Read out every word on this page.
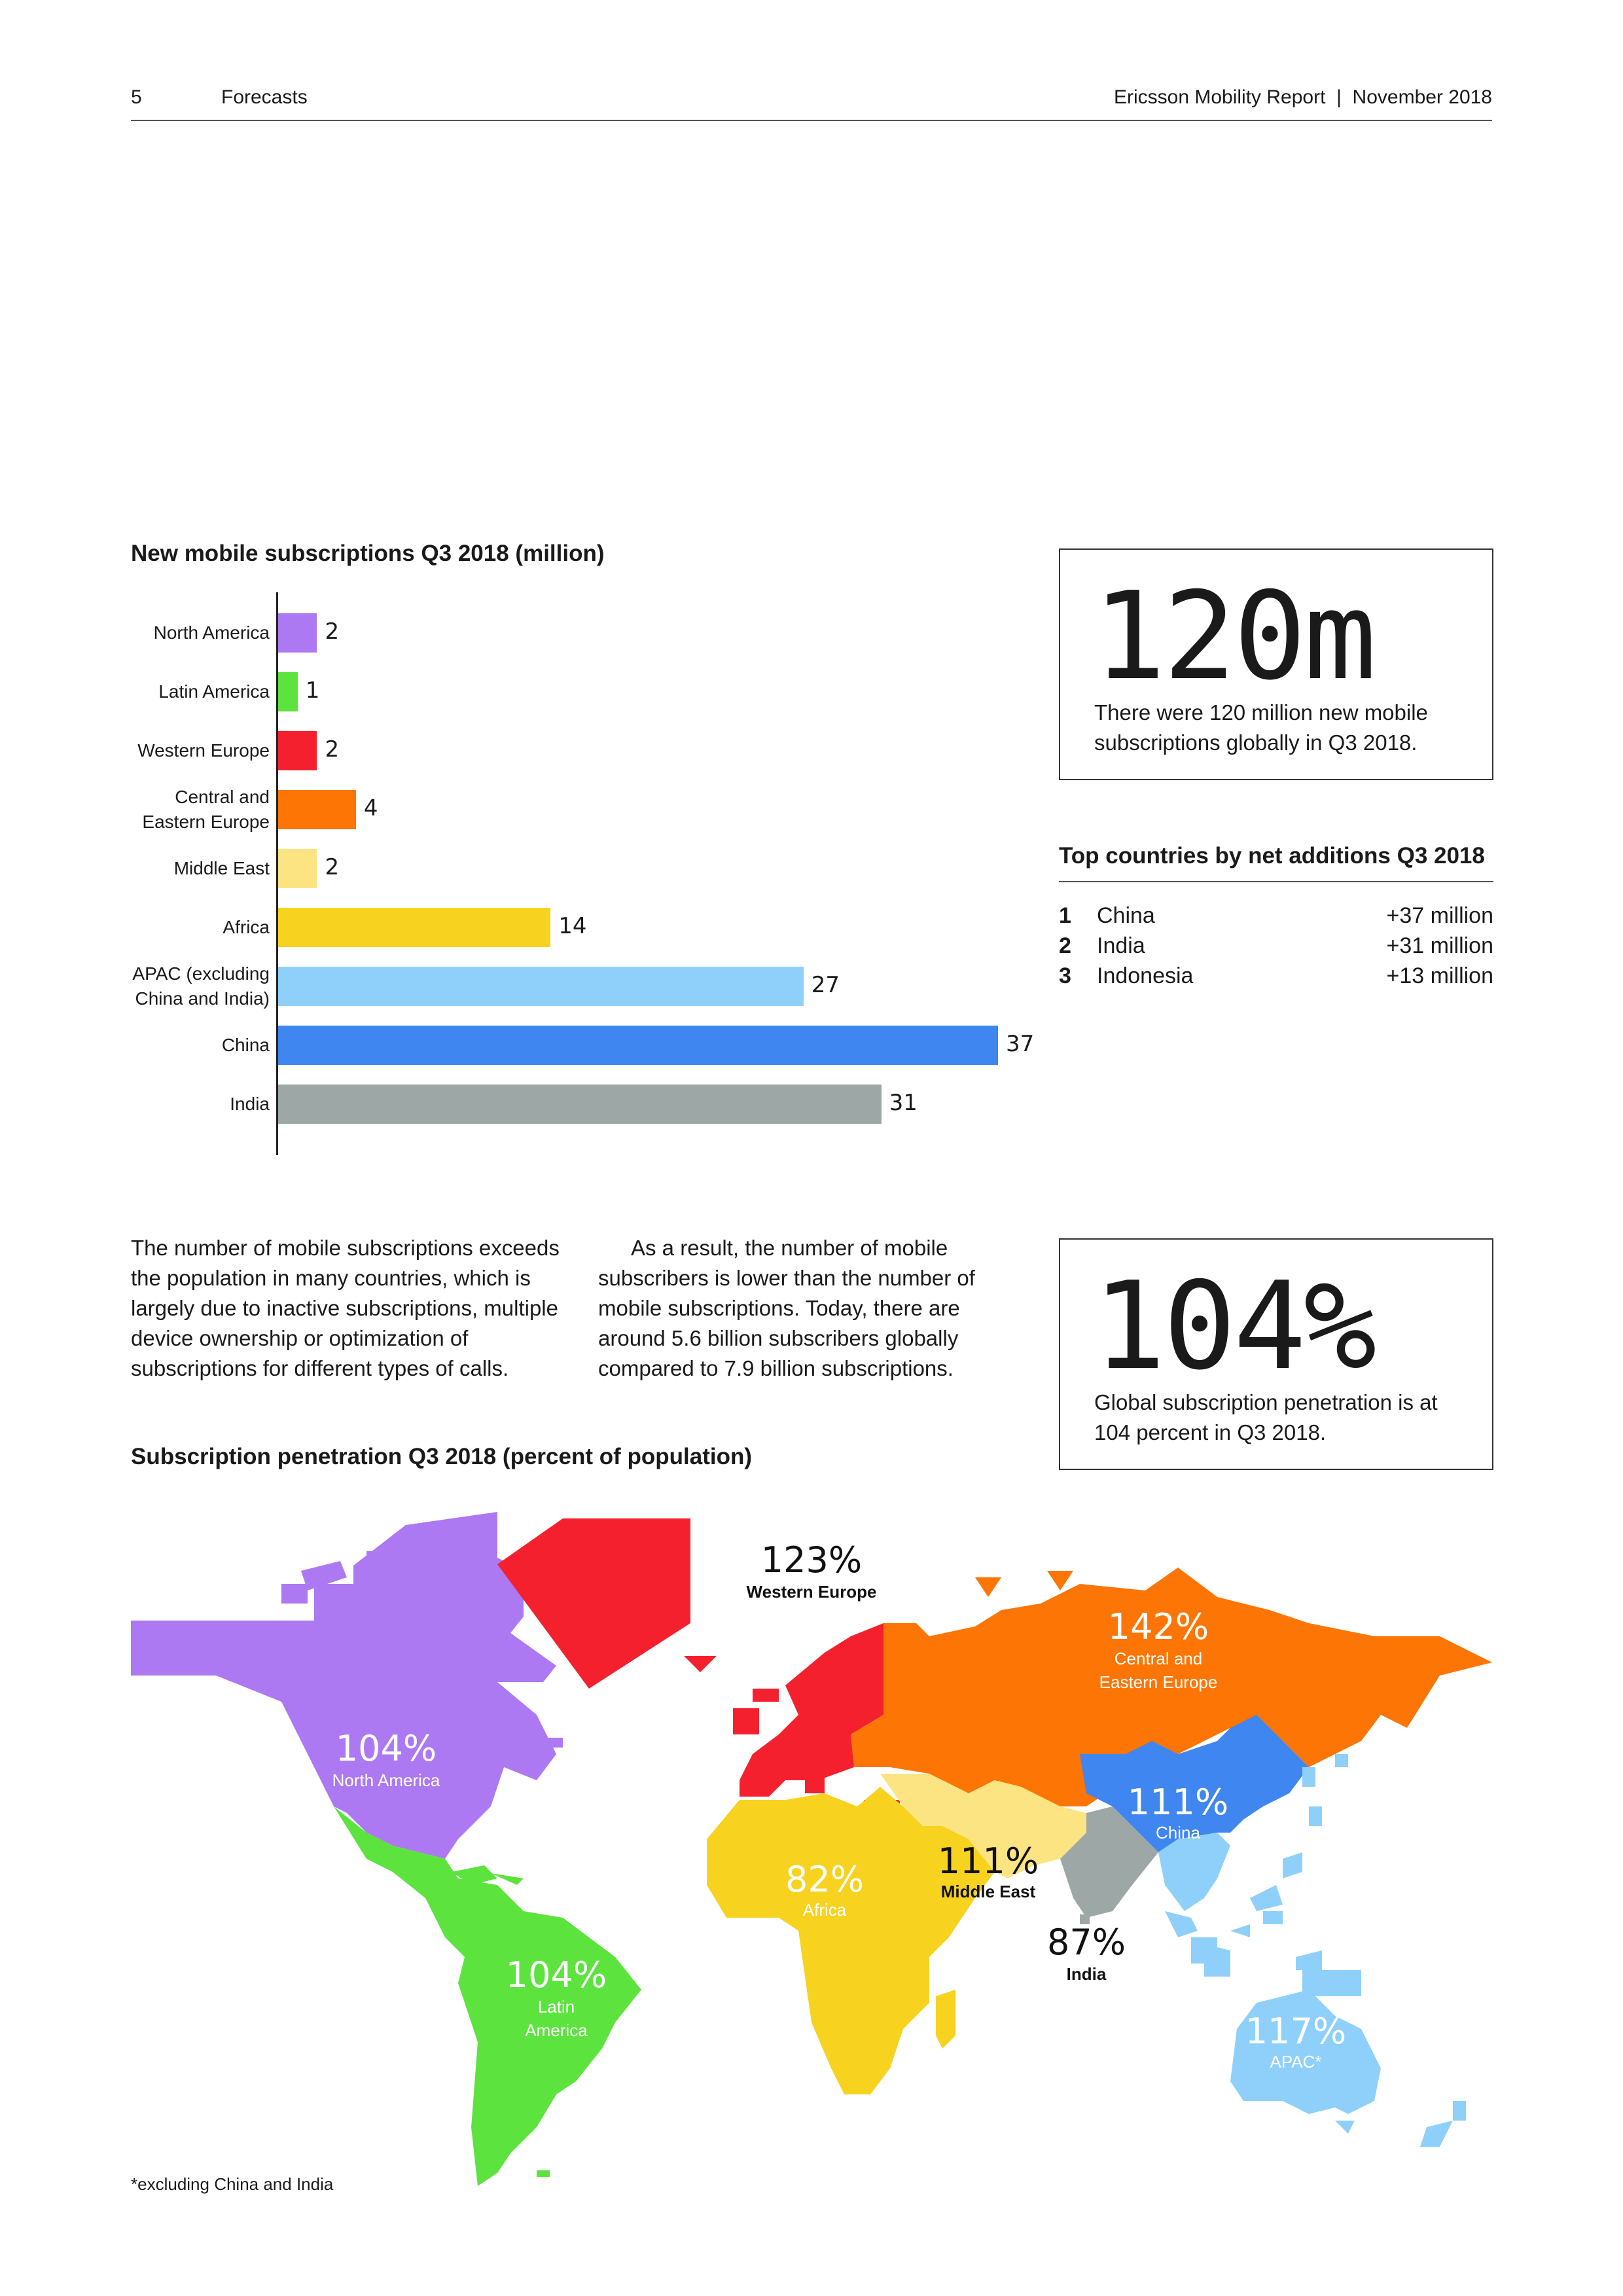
5	Forecasts	Ericsson Mobility Report  |  November 2018
New mobile subscriptions Q3 2018 (million)
North America 2
Latin America 1
Western Europe 2
Central and
Eastern Europe
4
Middle East 2
Africa	14
APAC (excluding
China and India)
27
China	37
India	31
120m
There were 120 million new mobile subscriptions globally in Q3 2018.
Top countries by net additions Q3 2018
1 China	+37 million
2 India	+31 million
3 Indonesia	+13 million
The number of mobile subscriptions exceeds the population in many countries, which is largely due to inactive subscriptions, multiple device ownership or optimization of subscriptions for different types of calls.
As a result, the number of mobile subscribers is lower than the number of mobile subscriptions. Today, there are around 5.6 billion subscribers globally compared to 7.9 billion subscriptions. 104%
Global subscription penetration is at 104 percent in Q3 2018.
Subscription penetration Q3 2018 (percent of population)
104%
North America
104%
Latin America
123%
Western Europe
142%
Central and Eastern Europe
82%
Africa
111%
Middle East
111%
China
87%
India
117%
APAC*
*excluding China and India
